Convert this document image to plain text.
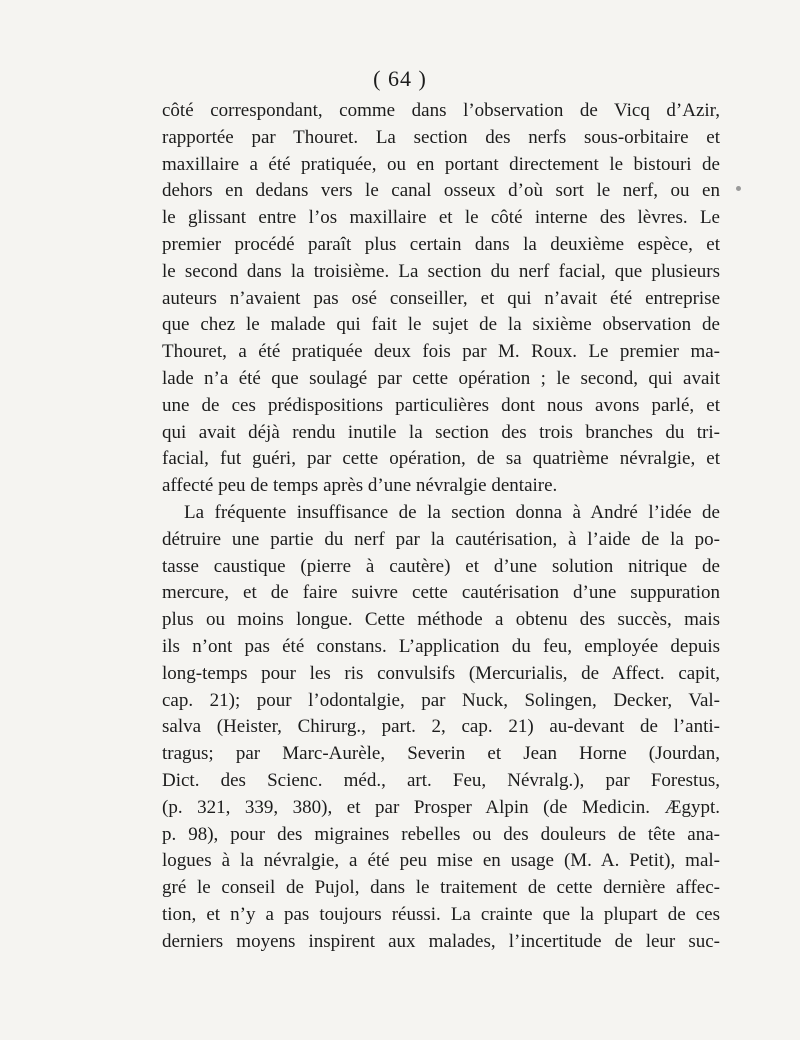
( 64 )
côté correspondant, comme dans l’observation de Vicq d’Azir,
rapportée par Thouret. La section des nerfs sous-orbitaire et
maxillaire a été pratiquée, ou en portant directement le bistouri de
dehors en dedans vers le canal osseux d’où sort le nerf, ou en
le glissant entre l’os maxillaire et le côté interne des lèvres. Le
premier procédé paraît plus certain dans la deuxième espèce, et
le second dans la troisième. La section du nerf facial, que plusieurs
auteurs n’avaient pas osé conseiller, et qui n’avait été entreprise
que chez le malade qui fait le sujet de la sixième observation de
Thouret, a été pratiquée deux fois par M. Roux. Le premier ma-
lade n’a été que soulagé par cette opération ; le second, qui avait
une de ces prédispositions particulières dont nous avons parlé, et
qui avait déjà rendu inutile la section des trois branches du tri-
facial, fut guéri, par cette opération, de sa quatrième névralgie, et
affecté peu de temps après d’une névralgie dentaire.
La fréquente insuffisance de la section donna à André l’idée de
détruire une partie du nerf par la cautérisation, à l’aide de la po-
tasse caustique (pierre à cautère) et d’une solution nitrique de
mercure, et de faire suivre cette cautérisation d’une suppuration
plus ou moins longue. Cette méthode a obtenu des succès, mais
ils n’ont pas été constans. L’application du feu, employée depuis
long-temps pour les ris convulsifs (Mercurialis, de Affect. capit,
cap. 21); pour l’odontalgie, par Nuck, Solingen, Decker, Val-
salva (Heister, Chirurg., part. 2, cap. 21) au-devant de l’anti-
tragus; par Marc-Aurèle, Severin et Jean Horne (Jourdan,
Dict. des Scienc. méd., art. Feu, Névralg.), par Forestus,
(p. 321, 339, 380), et par Prosper Alpin (de Medicin. Ægypt.
p. 98), pour des migraines rebelles ou des douleurs de tête ana-
logues à la névralgie, a été peu mise en usage (M. A. Petit), mal-
gré le conseil de Pujol, dans le traitement de cette dernière affec-
tion, et n’y a pas toujours réussi. La crainte que la plupart de ces
derniers moyens inspirent aux malades, l’incertitude de leur suc-
